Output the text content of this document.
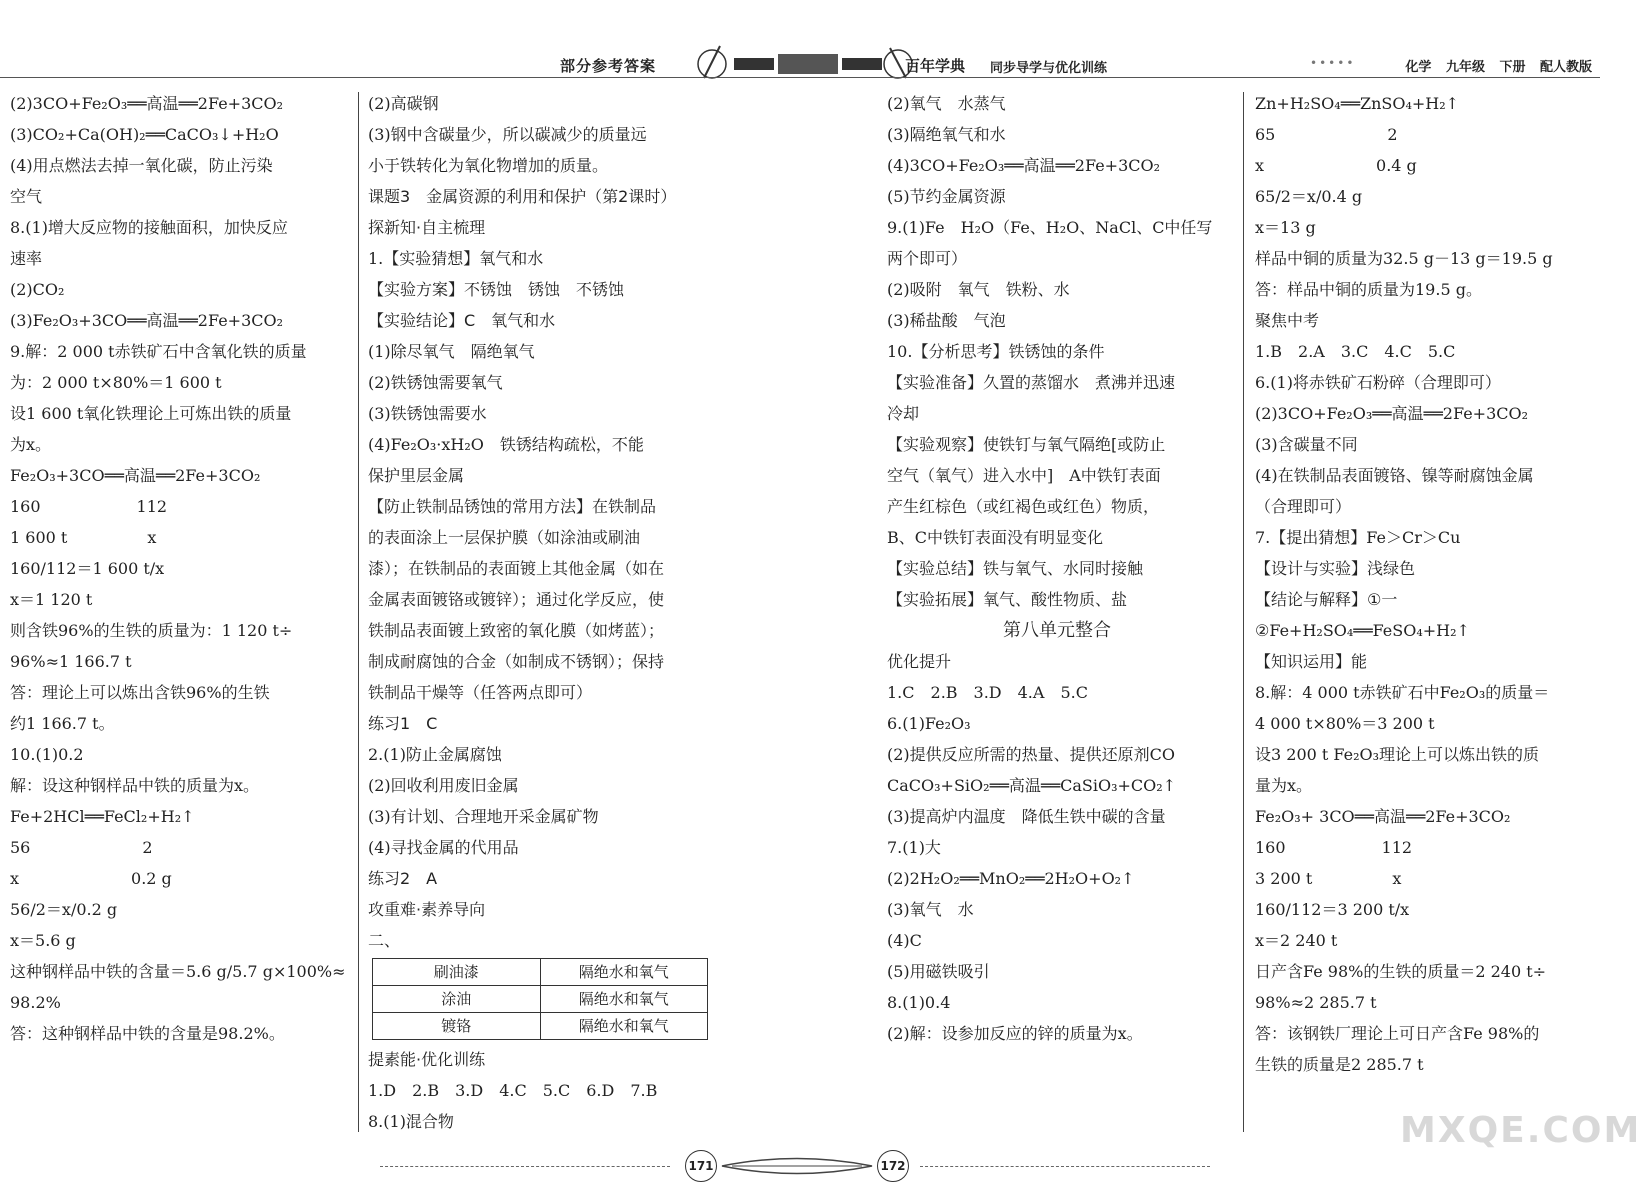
部分参考答案	百年学典 同步导学与优化训练	•••••	化学 九年级 下册 配人教版
(2)3CO+Fe₂O₃══高温══2Fe+3CO₂
(3)CO₂+Ca(OH)₂══CaCO₃↓+H₂O
(4)用点燃法去掉一氧化碳，防止污染
空气
8.(1)增大反应物的接触面积，加快反应
速率
(2)CO₂
(3)Fe₂O₃+3CO══高温══2Fe+3CO₂
9.解：2 000 t赤铁矿石中含氧化铁的质量
为：2 000 t×80%＝1 600 t
设1 600 t氧化铁理论上可炼出铁的质量
为x。
Fe₂O₃+3CO══高温══2Fe+3CO₂
160　　　　　　112
1 600 t　　　　　x
160/112＝1 600 t/x
x＝1 120 t
则含铁96%的生铁的质量为：1 120 t÷
96%≈1 166.7 t
答：理论上可以炼出含铁96%的生铁
约1 166.7 t。
10.(1)0.2
解：设这种钢样品中铁的质量为x。
Fe+2HCl══FeCl₂+H₂↑
56　　　　　　　2
x　　　　　　　0.2 g
56/2＝x/0.2 g
x＝5.6 g
这种钢样品中铁的含量＝5.6 g/5.7 g×100%≈
98.2%
答：这种钢样品中铁的含量是98.2%。
(2)高碳钢
(3)钢中含碳量少，所以碳减少的质量远
小于铁转化为氧化物增加的质量。
课题3　金属资源的利用和保护（第2课时）
探新知·自主梳理
1.【实验猜想】氧气和水
【实验方案】不锈蚀　锈蚀　不锈蚀
【实验结论】C　氧气和水
(1)除尽氧气　隔绝氧气
(2)铁锈蚀需要氧气
(3)铁锈蚀需要水
(4)Fe₂O₃·xH₂O　铁锈结构疏松，不能
保护里层金属
【防止铁制品锈蚀的常用方法】在铁制品
的表面涂上一层保护膜（如涂油或刷油
漆）；在铁制品的表面镀上其他金属（如在
金属表面镀铬或镀锌）；通过化学反应，使
铁制品表面镀上致密的氧化膜（如烤蓝）；
制成耐腐蚀的合金（如制成不锈钢）；保持
铁制品干燥等（任答两点即可）
练习1　C
2.(1)防止金属腐蚀
(2)回收利用废旧金属
(3)有计划、合理地开采金属矿物
(4)寻找金属的代用品
练习2　A
攻重难·素养导向
二、
刷油漆	隔绝水和氧气
涂油	隔绝水和氧气
镀铬	隔绝水和氧气
提素能·优化训练
1.D　2.B　3.D　4.C　5.C　6.D　7.B
8.(1)混合物
(2)氧气　水蒸气
(3)隔绝氧气和水
(4)3CO+Fe₂O₃══高温══2Fe+3CO₂
(5)节约金属资源
9.(1)Fe　H₂O（Fe、H₂O、NaCl、C中任写
两个即可）
(2)吸附　氧气　铁粉、水
(3)稀盐酸　气泡
10.【分析思考】铁锈蚀的条件
【实验准备】久置的蒸馏水　煮沸并迅速
冷却
【实验观察】使铁钉与氧气隔绝[或防止
空气（氧气）进入水中]　A中铁钉表面
产生红棕色（或红褐色或红色）物质，
B、C中铁钉表面没有明显变化
【实验总结】铁与氧气、水同时接触
【实验拓展】氧气、酸性物质、盐
第八单元整合
优化提升
1.C　2.B　3.D　4.A　5.C
6.(1)Fe₂O₃
(2)提供反应所需的热量、提供还原剂CO
CaCO₃+SiO₂══高温══CaSiO₃+CO₂↑
(3)提高炉内温度　降低生铁中碳的含量
7.(1)大
(2)2H₂O₂══MnO₂══2H₂O+O₂↑
(3)氧气　水
(4)C
(5)用磁铁吸引
8.(1)0.4
(2)解：设参加反应的锌的质量为x。
Zn+H₂SO₄══ZnSO₄+H₂↑
65　　　　　　　2
x　　　　　　　0.4 g
65/2＝x/0.4 g
x＝13 g
样品中铜的质量为32.5 g－13 g＝19.5 g
答：样品中铜的质量为19.5 g。
聚焦中考
1.B　2.A　3.C　4.C　5.C
6.(1)将赤铁矿石粉碎（合理即可）
(2)3CO+Fe₂O₃══高温══2Fe+3CO₂
(3)含碳量不同
(4)在铁制品表面镀铬、镍等耐腐蚀金属
（合理即可）
7.【提出猜想】Fe＞Cr＞Cu
【设计与实验】浅绿色
【结论与解释】①一
②Fe+H₂SO₄══FeSO₄+H₂↑
【知识运用】能
8.解：4 000 t赤铁矿石中Fe₂O₃的质量＝
4 000 t×80%＝3 200 t
设3 200 t Fe₂O₃理论上可以炼出铁的质
量为x。
Fe₂O₃+ 3CO══高温══2Fe+3CO₂
160　　　　　　112
3 200 t　　　　　x
160/112＝3 200 t/x
x＝2 240 t
日产含Fe 98%的生铁的质量＝2 240 t÷
98%≈2 285.7 t
答：该钢铁厂理论上可日产含Fe 98%的
生铁的质量是2 285.7 t
171	172
MXQE.COM
